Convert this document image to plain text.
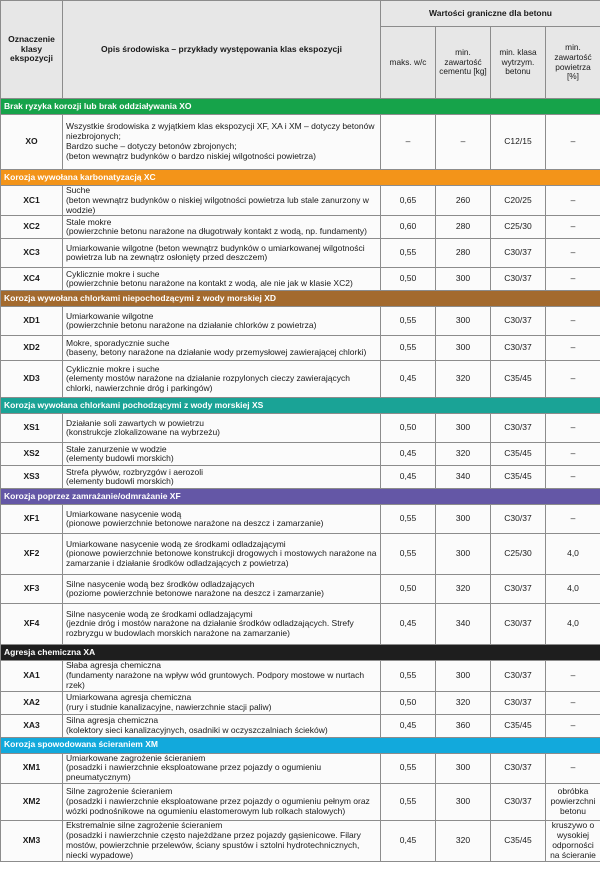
Oznaczenie klasy ekspozycji	Opis środowiska – przykłady występowania klas ekspozycji	Wartości graniczne dla betonu			
		maks. w/c	min. zawartość cementu [kg]	min. klasa wytrzym. betonu	min. zawartość powietrza [%]
Brak ryzyka korozji lub brak oddziaływania XO					
XO	Wszystkie środowiska z wyjątkiem klas ekspozycji XF, XA i XM – dotyczy betonów niezbrojonych;
Bardzo suche – dotyczy betonów zbrojonych;
(beton wewnątrz budynków o bardzo niskiej wilgotności powietrza)	–	–	C12/15	–
Korozja wywołana karbonatyzacją XC					
XC1	Suche
(beton wewnątrz budynków o niskiej wilgotności powietrza lub stale zanurzony w wodzie)	0,65	260	C20/25	–
XC2	Stale mokre
(powierzchnie betonu narażone na długotrwały kontakt z wodą, np. fundamenty)	0,60	280	C25/30	–
XC3	Umiarkowanie wilgotne (beton wewnątrz budynków o umiarkowanej wilgotności powietrza lub na zewnątrz osłonięty przed deszczem)	0,55	280	C30/37	–
XC4	Cyklicznie mokre i suche
(powierzchnie betonu narażone na kontakt z wodą, ale nie jak w klasie XC2)	0,50	300	C30/37	–
Korozja wywołana chlorkami niepochodzącymi z wody morskiej XD					
XD1	Umiarkowanie wilgotne
(powierzchnie betonu narażone na działanie chlorków z powietrza)	0,55	300	C30/37	–
XD2	Mokre, sporadycznie suche
(baseny, betony narażone na działanie wody przemysłowej zawierającej chlorki)	0,55	300	C30/37	–
XD3	Cyklicznie mokre i suche
(elementy mostów narażone na działanie rozpylonych cieczy zawierających chlorki, nawierzchnie dróg i parkingów)	0,45	320	C35/45	–
Korozja wywołana chlorkami pochodzącymi z wody morskiej XS					
XS1	Działanie soli zawartych w powietrzu
(konstrukcje zlokalizowane na wybrzeżu)	0,50	300	C30/37	–
XS2	Stałe zanurzenie w wodzie
(elementy budowli morskich)	0,45	320	C35/45	–
XS3	Strefa pływów, rozbryzgów i aerozoli
(elementy budowli morskich)	0,45	340	C35/45	–
Korozja poprzez zamrażanie/odmrażanie XF					
XF1	Umiarkowane nasycenie wodą
(pionowe powierzchnie betonowe narażone na deszcz i zamarzanie)	0,55	300	C30/37	–
XF2	Umiarkowane nasycenie wodą ze środkami odladzającymi
(pionowe powierzchnie betonowe konstrukcji drogowych i mostowych narażone na zamarzanie i działanie środków odladzających z powietrza)	0,55	300	C25/30	4,0
XF3	Silne nasycenie wodą bez środków odladzających
(poziome powierzchnie betonowe narażone na deszcz i zamarzanie)	0,50	320	C30/37	4,0
XF4	Silne nasycenie wodą ze środkami odladzającymi
(jezdnie dróg i mostów narażone na działanie środków odladzających. Strefy rozbryzgu w budowlach morskich narażone na zamarzanie)	0,45	340	C30/37	4,0
Agresja chemiczna XA					
XA1	Słaba agresja chemiczna
(fundamenty narażone na wpływ wód gruntowych. Podpory mostowe w nurtach rzek)	0,55	300	C30/37	–
XA2	Umiarkowana agresja chemiczna
(rury i studnie kanalizacyjne, nawierzchnie stacji paliw)	0,50	320	C30/37	–
XA3	Silna agresja chemiczna
(kolektory sieci kanalizacyjnych, osadniki w oczyszczalniach ścieków)	0,45	360	C35/45	–
Korozja spowodowana ścieraniem XM					
XM1	Umiarkowane zagrożenie ścieraniem
(posadzki i nawierzchnie eksploatowane przez pojazdy o ogumieniu pneumatycznym)	0,55	300	C30/37	–
XM2	Silne zagrożenie ścieraniem
(posadzki i nawierzchnie eksploatowane przez pojazdy o ogumieniu pełnym oraz wózki podnośnikowe na ogumieniu elastomerowym lub rolkach stalowych)	0,55	300	C30/37	obróbka powierzchni betonu
XM3	Ekstremalnie silne zagrożenie ścieraniem
(posadzki i nawierzchnie często najeżdżane przez pojazdy gąsienicowe. Filary mostów, powierzchnie przelewów, ściany spustów i sztolni hydrotechnicznych, niecki wypadowe)	0,45	320	C35/45	kruszywo o wysokiej odporności na ścieranie
